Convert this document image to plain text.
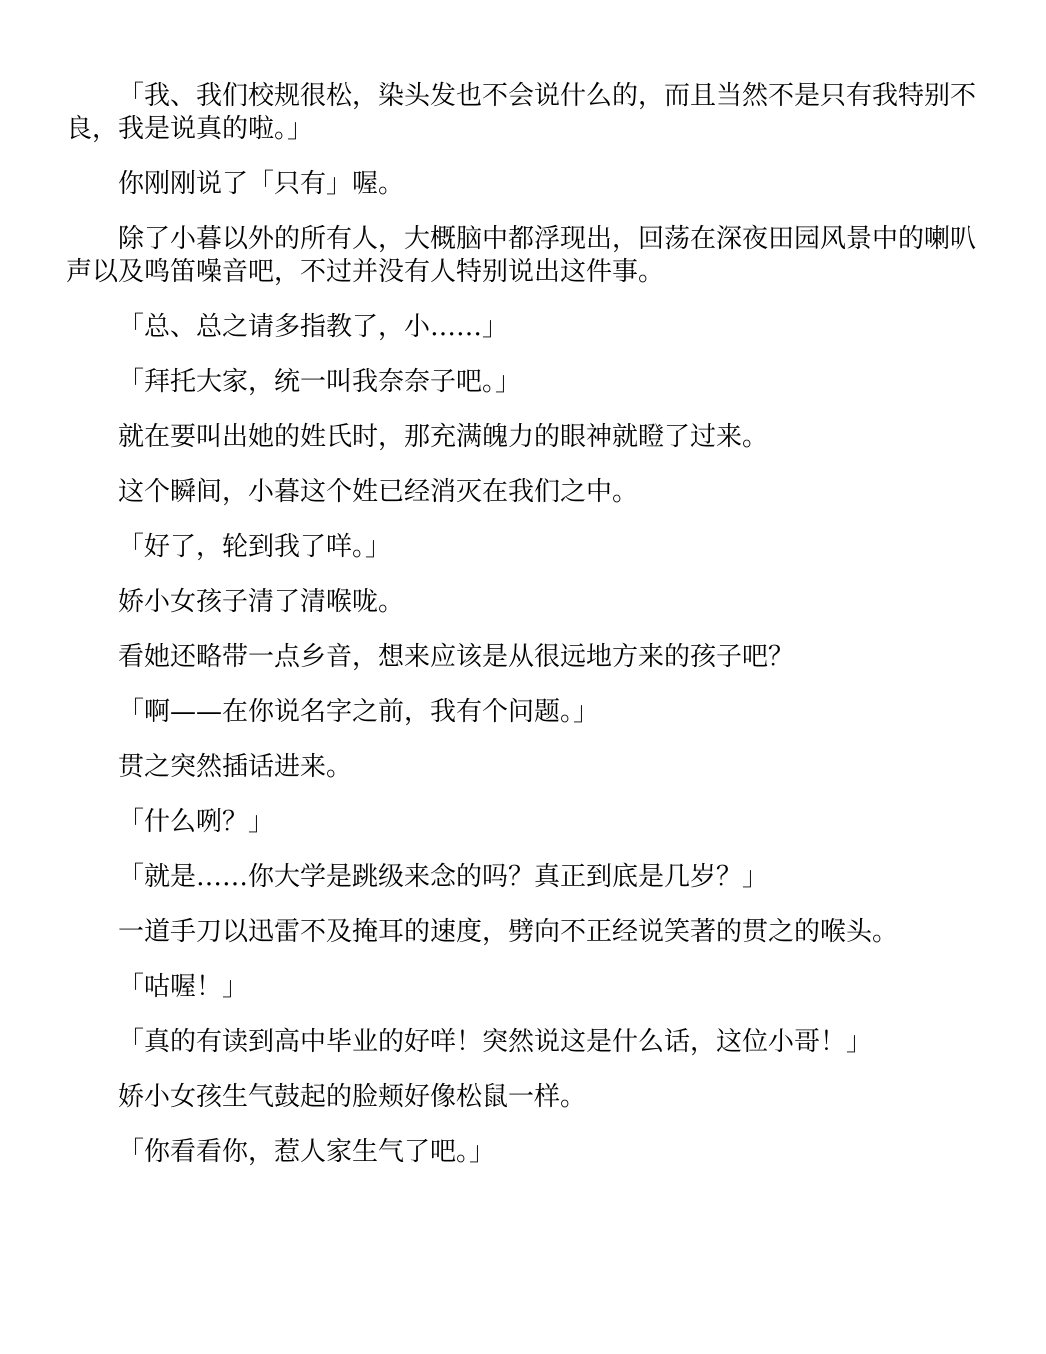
「我、我们校规很松，染头发也不会说什么的，而且当然不是只有我特别不良，我是说真的啦。」

你刚刚说了「只有」喔。

除了小暮以外的所有人，大概脑中都浮现出，回荡在深夜田园风景中的喇叭声以及鸣笛噪音吧，不过并没有人特别说出这件事。

「总、总之请多指教了，小……」

「拜托大家，统一叫我奈奈子吧。」

就在要叫出她的姓氏时，那充满魄力的眼神就瞪了过来。

这个瞬间，小暮这个姓已经消灭在我们之中。

「好了，轮到我了咩。」

娇小女孩子清了清喉咙。

看她还略带一点乡音，想来应该是从很远地方来的孩子吧？

「啊——在你说名字之前，我有个问题。」

贯之突然插话进来。

「什么咧？」

「就是……你大学是跳级来念的吗？真正到底是几岁？」

一道手刀以迅雷不及掩耳的速度，劈向不正经说笑著的贯之的喉头。

「咕喔！」

「真的有读到高中毕业的好咩！突然说这是什么话，这位小哥！」

娇小女孩生气鼓起的脸颊好像松鼠一样。

「你看看你，惹人家生气了吧。」
